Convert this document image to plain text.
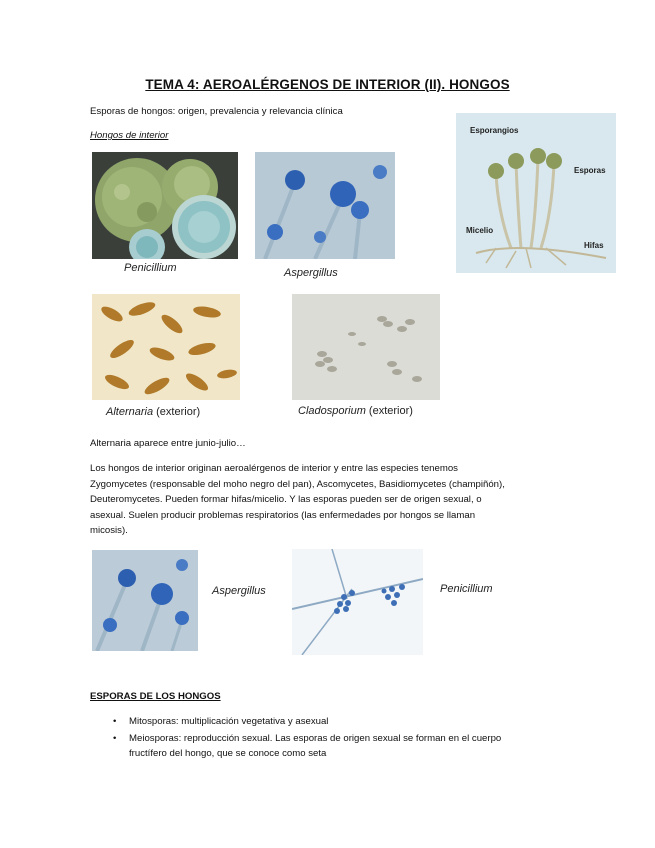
TEMA 4: AEROALÉRGENOS DE INTERIOR (II). HONGOS
Esporas de hongos: origen, prevalencia y relevancia clínica
Hongos de interior	Esporangios
Esporas
Micelio
Hifas
Penicillium	Aspergillus
Alternaria (exterior)	Cladosporium (exterior)
Alternaria aparece entre junio-julio…
Los hongos de interior originan aeroalérgenos de interior y entre las especies tenemos
Zygomycetes (responsable del moho negro del pan), Ascomycetes, Basidiomycetes (champiñón),
Deuteromycetes. Pueden formar hifas/micelio. Y las esporas pueden ser de origen sexual, o
asexual. Suelen producir problemas respiratorios (las enfermedades por hongos se llaman
micosis).
Aspergillus	Penicillium
ESPORAS DE LOS HONGOS
• Mitosporas: multiplicación vegetativa y asexual
• Meiosporas: reproducción sexual. Las esporas de origen sexual se forman en el cuerpo
fructífero del hongo, que se conoce como seta
